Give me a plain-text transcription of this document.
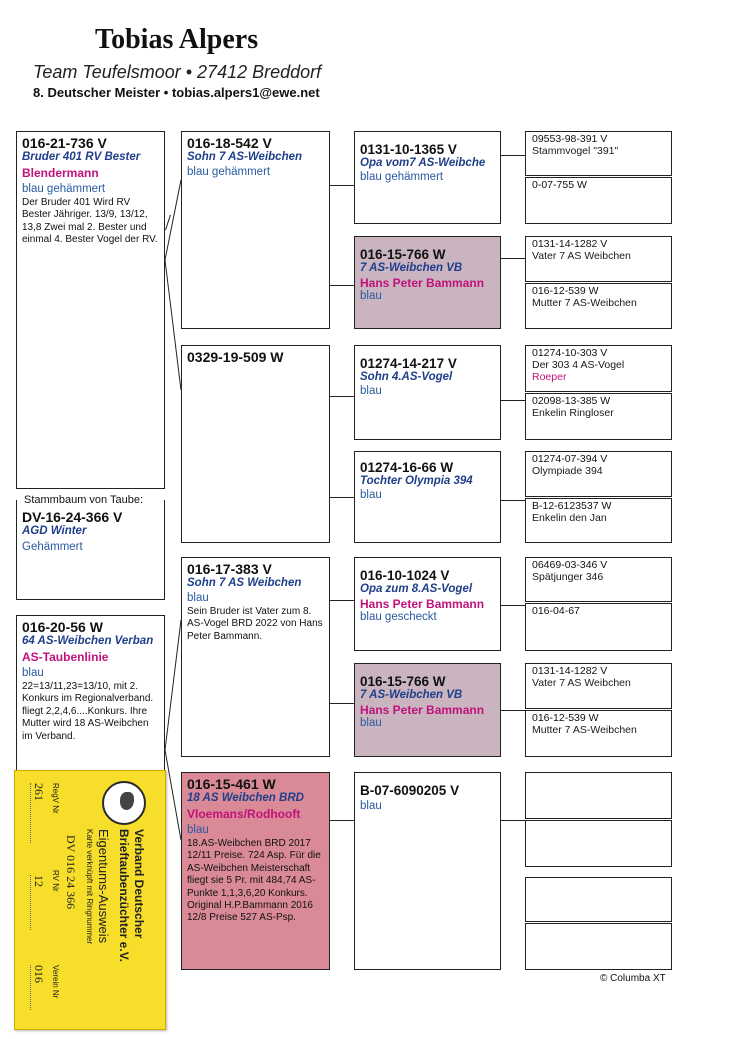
Tobias Alpers
Team Teufelsmoor • 27412 Breddorf
8. Deutscher Meister • tobias.alpers1@ewe.net
016-21-736 V
Bruder 401 RV Bester
Blendermann
blau gehämmert
Der Bruder 401 Wird RV Bester Jähriger. 13/9, 13/12, 13,8 Zwei mal 2. Bester und einmal 4. Bester Vogel der RV.
Stammbaum von Taube:
DV-16-24-366 V
AGD Winter
Gehämmert
016-20-56 W
64 AS-Weibchen Verban
AS-Taubenlinie
blau
22=13/11,23=13/10, mit 2. Konkurs im Regionalverband. fliegt 2,2,4,6....Konkurs. Ihre Mutter wird 18 AS-Weibchen im Verband.
016-18-542 V
Sohn 7 AS-Weibchen
blau gehämmert
0329-19-509 W
016-17-383 V
Sohn 7 AS Weibchen
blau
Sein Bruder ist Vater zum 8. AS-Vogel BRD 2022 von Hans Peter Bammann.
016-15-461 W
18 AS Weibchen BRD
Vloemans/Rodhooft
blau
18.AS-Weibchen BRD 2017 12/11 Preise. 724 Asp. Für die AS-Weibchen Meisterschaft fliegt sie 5 Pr. mit 484,74 AS-Punkte 1,1,3,6,20 Konkurs. Original H.P.Bammann 2016 12/8 Preise 527 AS-Psp.
0131-10-1365 V
Opa vom7 AS-Weibche
blau gehämmert
016-15-766 W
7 AS-Weibchen VB
Hans Peter Bammann
blau
01274-14-217 V
Sohn 4.AS-Vogel
blau
01274-16-66 W
Tochter Olympia 394
blau
016-10-1024 V
Opa zum 8.AS-Vogel
Hans Peter Bammann
blau gescheckt
016-15-766 W
7 AS-Weibchen VB
Hans Peter Bammann
blau
B-07-6090205 V
blau
09553-98-391 V
Stammvogel "391"
0-07-755 W
0131-14-1282 V
Vater 7 AS Weibchen
016-12-539 W
Mutter 7 AS-Weibchen
01274-10-303 V
Der 303 4 AS-Vogel
Roeper
02098-13-385 W
Enkelin Ringloser
01274-07-394 V
Olympiade 394
B-12-6123537 W
Enkelin den Jan
06469-03-346 V
Spätjunger 346
016-04-67
0131-14-1282 V
Vater 7 AS Weibchen
016-12-539 W
Mutter 7 AS-Weibchen
© Columba XT
Verband Deutscher
Brieftaubenzüchter e.V.
Eigentums-Ausweis
Karte verknüpft mit Ringnummer
DV 016 24 366
RegV Nr
RV Nr
Verein Nr
261
12
016
